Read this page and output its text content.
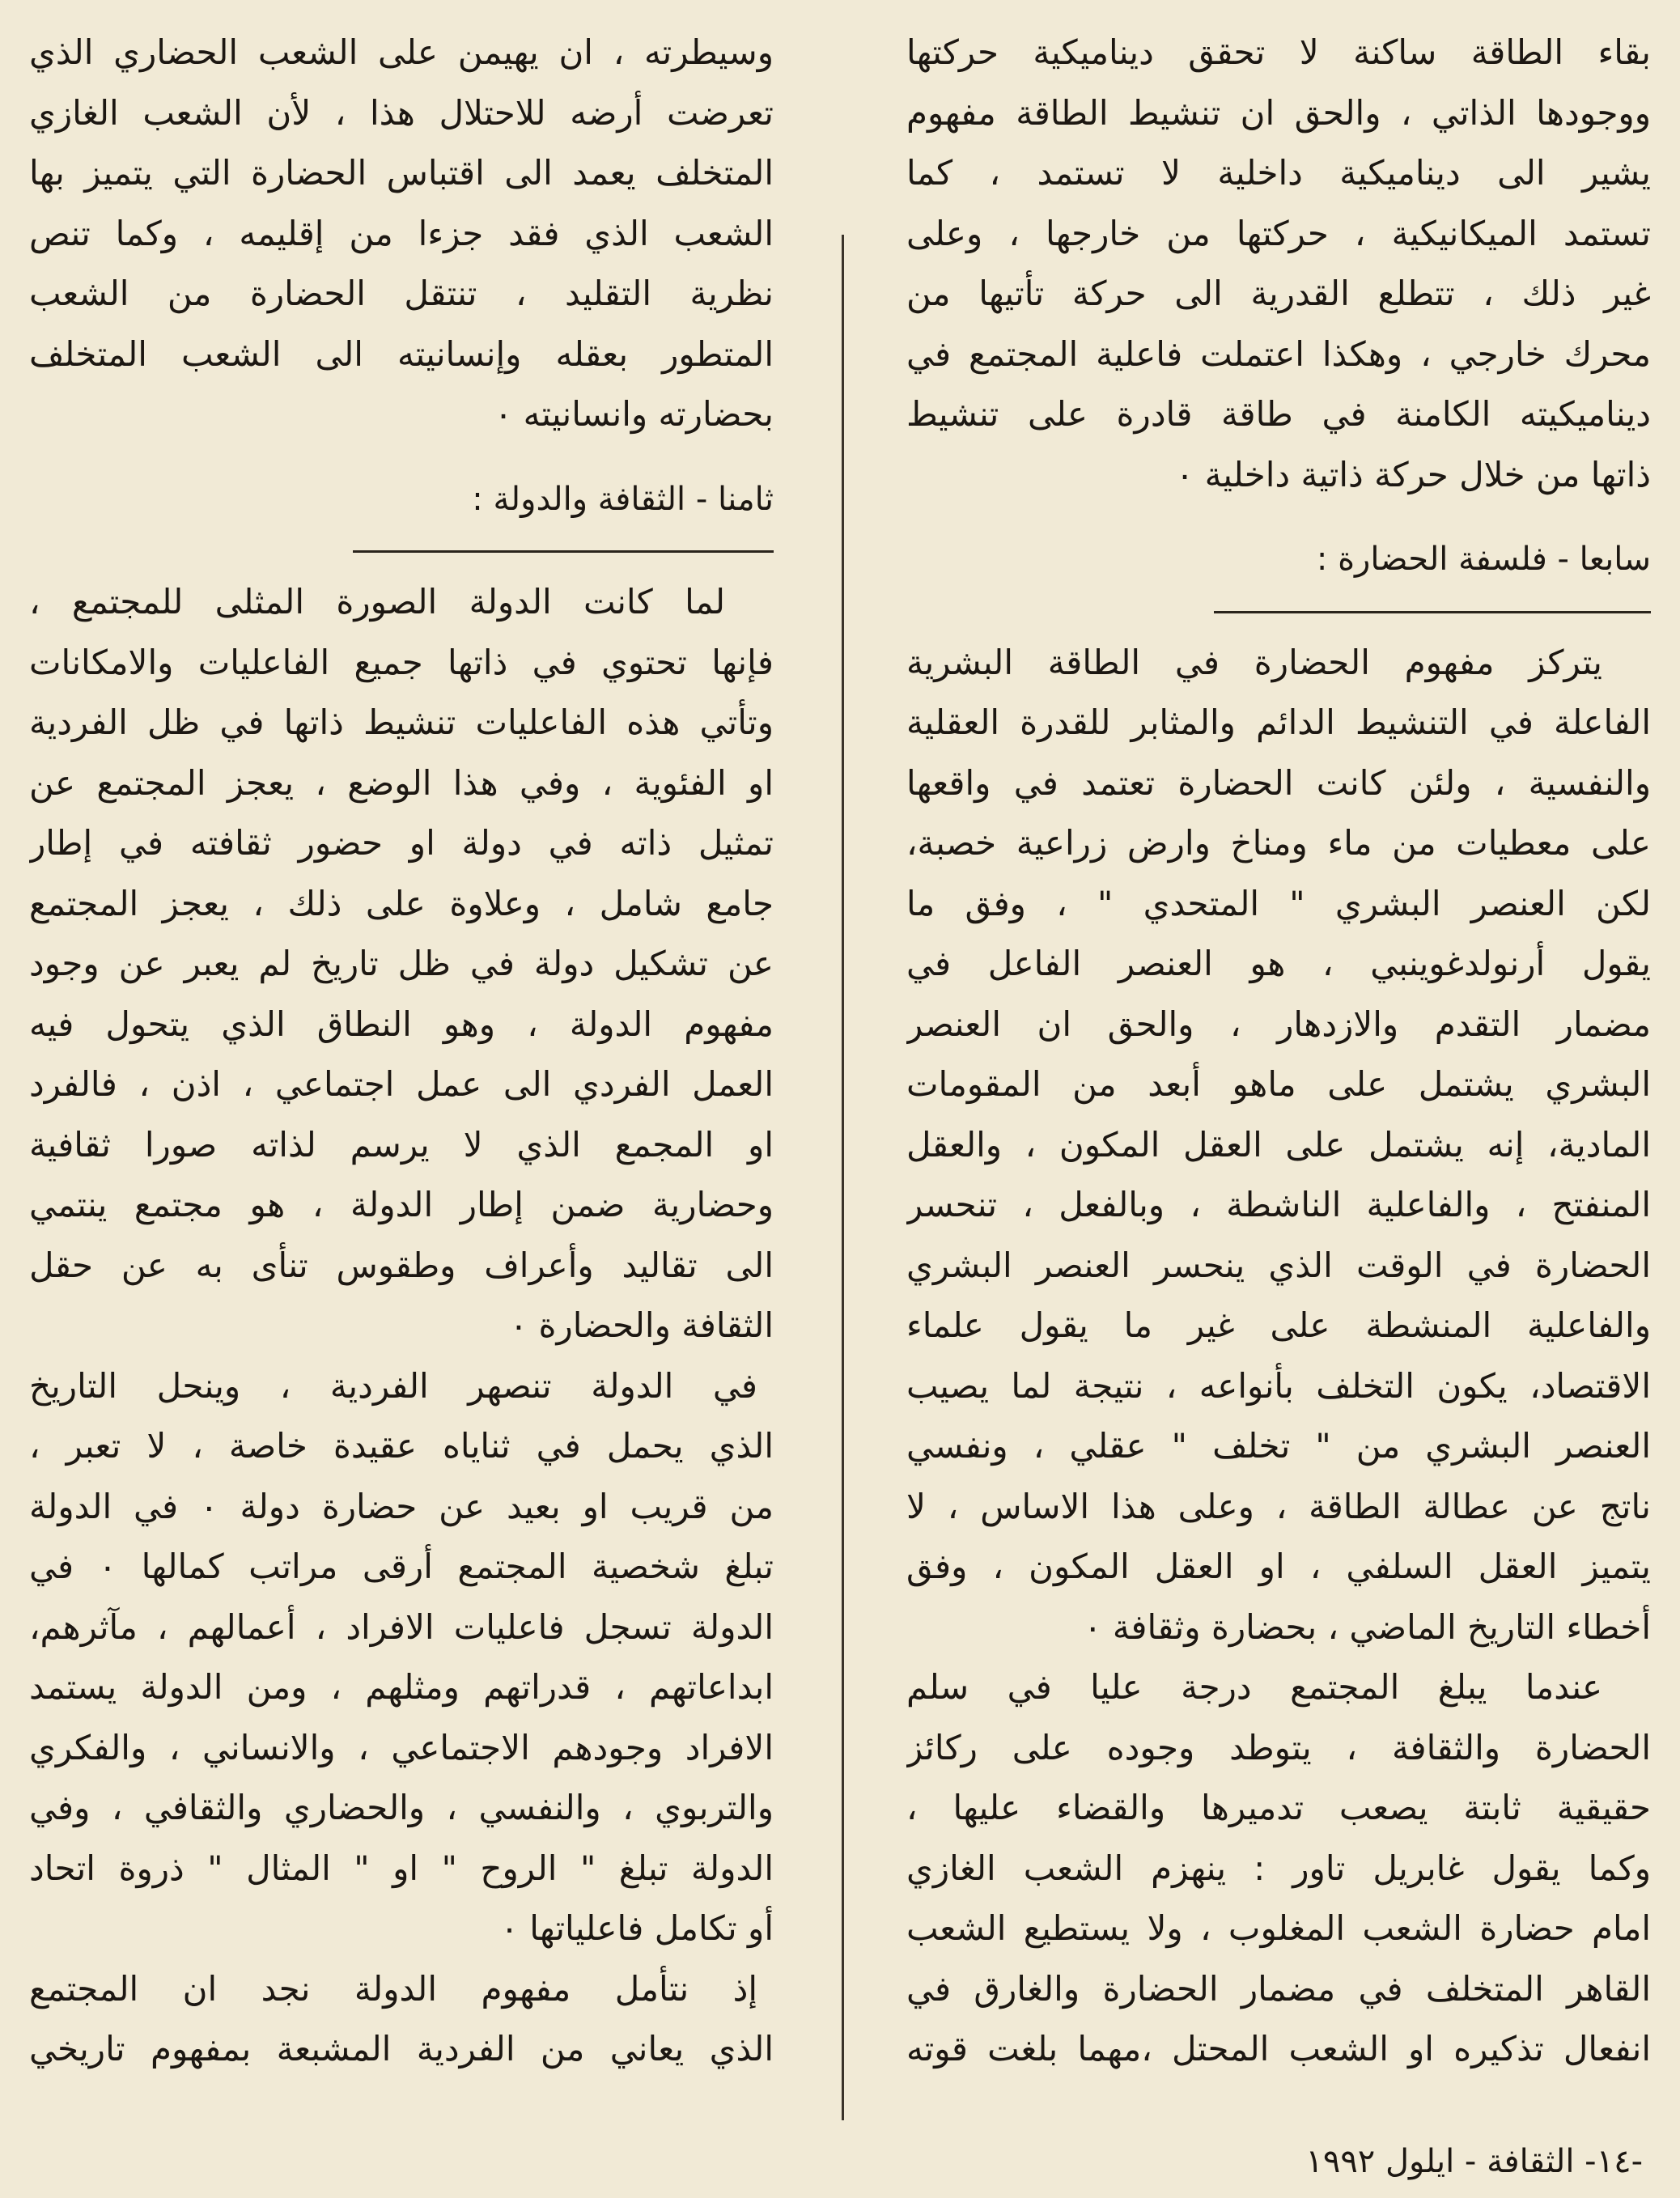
بقاء الطاقة ساكنة لا تحقق ديناميكية حركتها
ووجودها الذاتي ، والحق ان تنشيط الطاقة مفهوم
يشير الى ديناميكية داخلية لا تستمد ، كما
تستمد الميكانيكية ، حركتها من خارجها ، وعلى
غير ذلك ، تتطلع القدرية الى حركة تأتيها من
محرك خارجي ، وهكذا اعتملت فاعلية المجتمع في
ديناميكيته الكامنة في طاقة قادرة على تنشيط
ذاتها من خلال حركة ذاتية داخلية ٠
سابعا - فلسفة الحضارة :
يتركز مفهوم الحضارة في الطاقة البشرية
الفاعلة في التنشيط الدائم والمثابر للقدرة العقلية
والنفسية ، ولئن كانت الحضارة تعتمد في واقعها
على معطيات من ماء ومناخ وارض زراعية خصبة،
لكن العنصر البشري " المتحدي " ، وفق ما
يقول أرنولدغوينبي ، هو العنصر الفاعل في
مضمار التقدم والازدهار ، والحق ان العنصر
البشري يشتمل على ماهو أبعد من المقومات
المادية، إنه يشتمل على العقل المكون ، والعقل
المنفتح ، والفاعلية الناشطة ، وبالفعل ، تنحسر
الحضارة في الوقت الذي ينحسر العنصر البشري
والفاعلية المنشطة على غير ما يقول علماء
الاقتصاد، يكون التخلف بأنواعه ، نتيجة لما يصيب
العنصر البشري من " تخلف " عقلي ، ونفسي
ناتج عن عطالة الطاقة ، وعلى هذا الاساس ، لا
يتميز العقل السلفي ، او العقل المكون ، وفق
أخطاء التاريخ الماضي ، بحضارة وثقافة ٠
عندما يبلغ المجتمع درجة عليا في سلم
الحضارة والثقافة ، يتوطد وجوده على ركائز
حقيقية ثابتة يصعب تدميرها والقضاء عليها ،
وكما يقول غابريل تاور : ينهزم الشعب الغازي
امام حضارة الشعب المغلوب ، ولا يستطيع الشعب
القاهر المتخلف في مضمار الحضارة والغارق في
انفعال تذكيره او الشعب المحتل ،مهما بلغت قوته
وسيطرته ، ان يهيمن على الشعب الحضاري الذي
تعرضت أرضه للاحتلال هذا ، لأن الشعب الغازي
المتخلف يعمد الى اقتباس الحضارة التي يتميز بها
الشعب الذي فقد جزءا من إقليمه ، وكما تنص
نظرية التقليد ، تنتقل الحضارة من الشعب
المتطور بعقله وإنسانيته الى الشعب المتخلف
بحضارته وانسانيته ٠
ثامنا - الثقافة والدولة :
لما كانت الدولة الصورة المثلى للمجتمع ،
فإنها تحتوي في ذاتها جميع الفاعليات والامكانات
وتأتي هذه الفاعليات تنشيط ذاتها في ظل الفردية
او الفئوية ، وفي هذا الوضع ، يعجز المجتمع عن
تمثيل ذاته في دولة او حضور ثقافته في إطار
جامع شامل ، وعلاوة على ذلك ، يعجز المجتمع
عن تشكيل دولة في ظل تاريخ لم يعبر عن وجود
مفهوم الدولة ، وهو النطاق الذي يتحول فيه
العمل الفردي الى عمل اجتماعي ، اذن ، فالفرد
او المجمع الذي لا يرسم لذاته صورا ثقافية
وحضارية ضمن إطار الدولة ، هو مجتمع ينتمي
الى تقاليد وأعراف وطقوس تنأى به عن حقل
الثقافة والحضارة ٠
في الدولة تنصهر الفردية ، وينحل التاريخ
الذي يحمل في ثناياه عقيدة خاصة ، لا تعبر ،
من قريب او بعيد عن حضارة دولة ٠ في الدولة
تبلغ شخصية المجتمع أرقى مراتب كمالها ٠ في
الدولة تسجل فاعليات الافراد ، أعمالهم ، مآثرهم،
ابداعاتهم ، قدراتهم ومثلهم ، ومن الدولة يستمد
الافراد وجودهم الاجتماعي ، والانساني ، والفكري
والتربوي ، والنفسي ، والحضاري والثقافي ، وفي
الدولة تبلغ " الروح " او " المثال " ذروة اتحاد
أو تكامل فاعلياتها ٠
إذ نتأمل مفهوم الدولة نجد ان المجتمع
الذي يعاني من الفردية المشبعة بمفهوم تاريخي
-١٤- الثقافة - ايلول ١٩٩٢
